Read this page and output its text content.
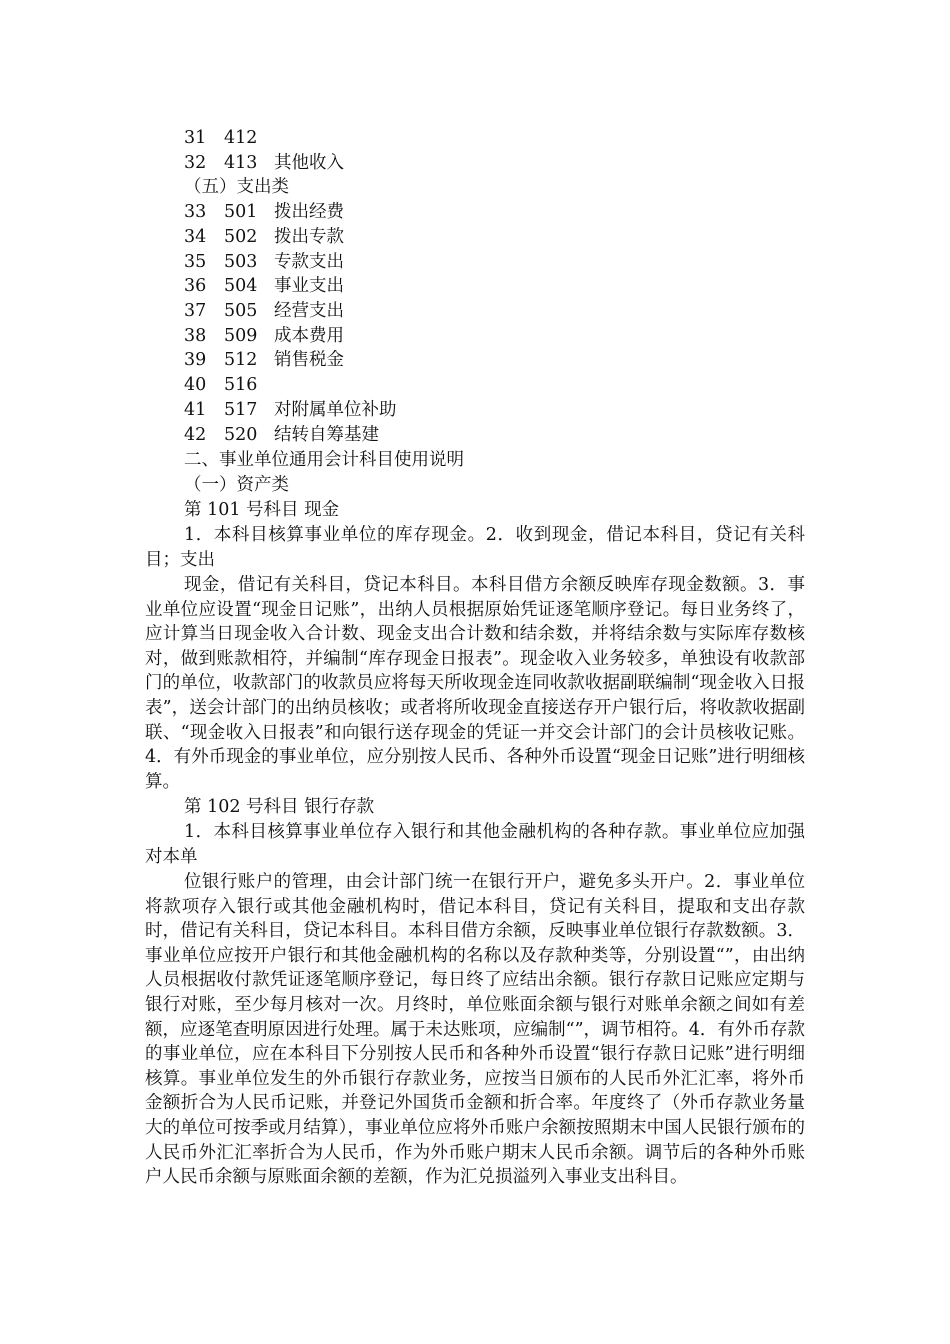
31 412
32 413 其他收入
（五）支出类
33 501 拨出经费
34 502 拨出专款
35 503 专款支出
36 504 事业支出
37 505 经营支出
38 509 成本费用
39 512 销售税金
40 516
41 517 对附属单位补助
42 520 结转自筹基建
二、事业单位通用会计科目使用说明
（一）资产类
第 101 号科目 现金
1．本科目核算事业单位的库存现金。2．收到现金，借记本科目，贷记有关科目；支出
现金，借记有关科目，贷记本科目。本科目借方余额反映库存现金数额。3．事业单位应设置“现金日记账”，出纳人员根据原始凭证逐笔顺序登记。每日业务终了，应计算当日现金收入合计数、现金支出合计数和结余数，并将结余数与实际库存数核对，做到账款相符，并编制“库存现金日报表”。现金收入业务较多，单独设有收款部门的单位，收款部门的收款员应将每天所收现金连同收款收据副联编制“现金收入日报表”，送会计部门的出纳员核收；或者将所收现金直接送存开户银行后，将收款收据副联、“现金收入日报表”和向银行送存现金的凭证一并交会计部门的会计员核收记账。4．有外币现金的事业单位，应分别按人民币、各种外币设置“现金日记账”进行明细核算。
第 102 号科目 银行存款
1．本科目核算事业单位存入银行和其他金融机构的各种存款。事业单位应加强对本单
位银行账户的管理，由会计部门统一在银行开户，避免多头开户。2．事业单位将款项存入银行或其他金融机构时，借记本科目，贷记有关科目，提取和支出存款时，借记有关科目，贷记本科目。本科目借方余额，反映事业单位银行存款数额。3．事业单位应按开户银行和其他金融机构的名称以及存款种类等，分别设置“”，由出纳人员根据收付款凭证逐笔顺序登记，每日终了应结出余额。银行存款日记账应定期与银行对账，至少每月核对一次。月终时，单位账面余额与银行对账单余额之间如有差额，应逐笔查明原因进行处理。属于未达账项，应编制“”，调节相符。4．有外币存款的事业单位，应在本科目下分别按人民币和各种外币设置“银行存款日记账”进行明细核算。事业单位发生的外币银行存款业务，应按当日颁布的人民币外汇汇率，将外币金额折合为人民币记账，并登记外国货币金额和折合率。年度终了（外币存款业务量大的单位可按季或月结算），事业单位应将外币账户余额按照期末中国人民银行颁布的人民币外汇汇率折合为人民币，作为外币账户期末人民币余额。调节后的各种外币账户人民币余额与原账面余额的差额，作为汇兑损溢列入事业支出科目。
